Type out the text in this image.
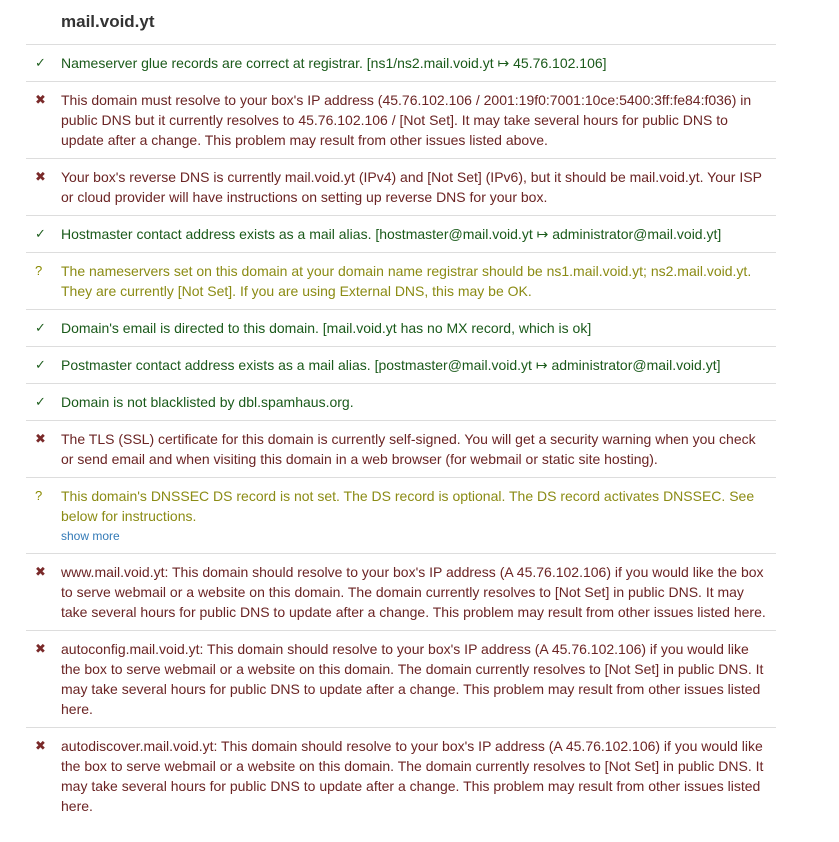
mail.void.yt
✓	Nameserver glue records are correct at registrar. [ns1/ns2.mail.void.yt ↦ 45.76.102.106]
✖	This domain must resolve to your box's IP address (45.76.102.106 / 2001:19f0:7001:10ce:5400:3ff:fe84:f036) in public DNS but it currently resolves to 45.76.102.106 / [Not Set]. It may take several hours for public DNS to update after a change. This problem may result from other issues listed above.
✖	Your box's reverse DNS is currently mail.void.yt (IPv4) and [Not Set] (IPv6), but it should be mail.void.yt. Your ISP or cloud provider will have instructions on setting up reverse DNS for your box.
✓	Hostmaster contact address exists as a mail alias. [hostmaster@mail.void.yt ↦ administrator@mail.void.yt]
?	The nameservers set on this domain at your domain name registrar should be ns1.mail.void.yt; ns2.mail.void.yt. They are currently [Not Set]. If you are using External DNS, this may be OK.
✓	Domain's email is directed to this domain. [mail.void.yt has no MX record, which is ok]
✓	Postmaster contact address exists as a mail alias. [postmaster@mail.void.yt ↦ administrator@mail.void.yt]
✓	Domain is not blacklisted by dbl.spamhaus.org.
✖	The TLS (SSL) certificate for this domain is currently self-signed. You will get a security warning when you check or send email and when visiting this domain in a web browser (for webmail or static site hosting).
?	This domain's DNSSEC DS record is not set. The DS record is optional. The DS record activates DNSSEC. See below for instructions.
show more
✖	www.mail.void.yt: This domain should resolve to your box's IP address (A 45.76.102.106) if you would like the box to serve webmail or a website on this domain. The domain currently resolves to [Not Set] in public DNS. It may take several hours for public DNS to update after a change. This problem may result from other issues listed here.
✖	autoconfig.mail.void.yt: This domain should resolve to your box's IP address (A 45.76.102.106) if you would like the box to serve webmail or a website on this domain. The domain currently resolves to [Not Set] in public DNS. It may take several hours for public DNS to update after a change. This problem may result from other issues listed here.
✖	autodiscover.mail.void.yt: This domain should resolve to your box's IP address (A 45.76.102.106) if you would like the box to serve webmail or a website on this domain. The domain currently resolves to [Not Set] in public DNS. It may take several hours for public DNS to update after a change. This problem may result from other issues listed here.
